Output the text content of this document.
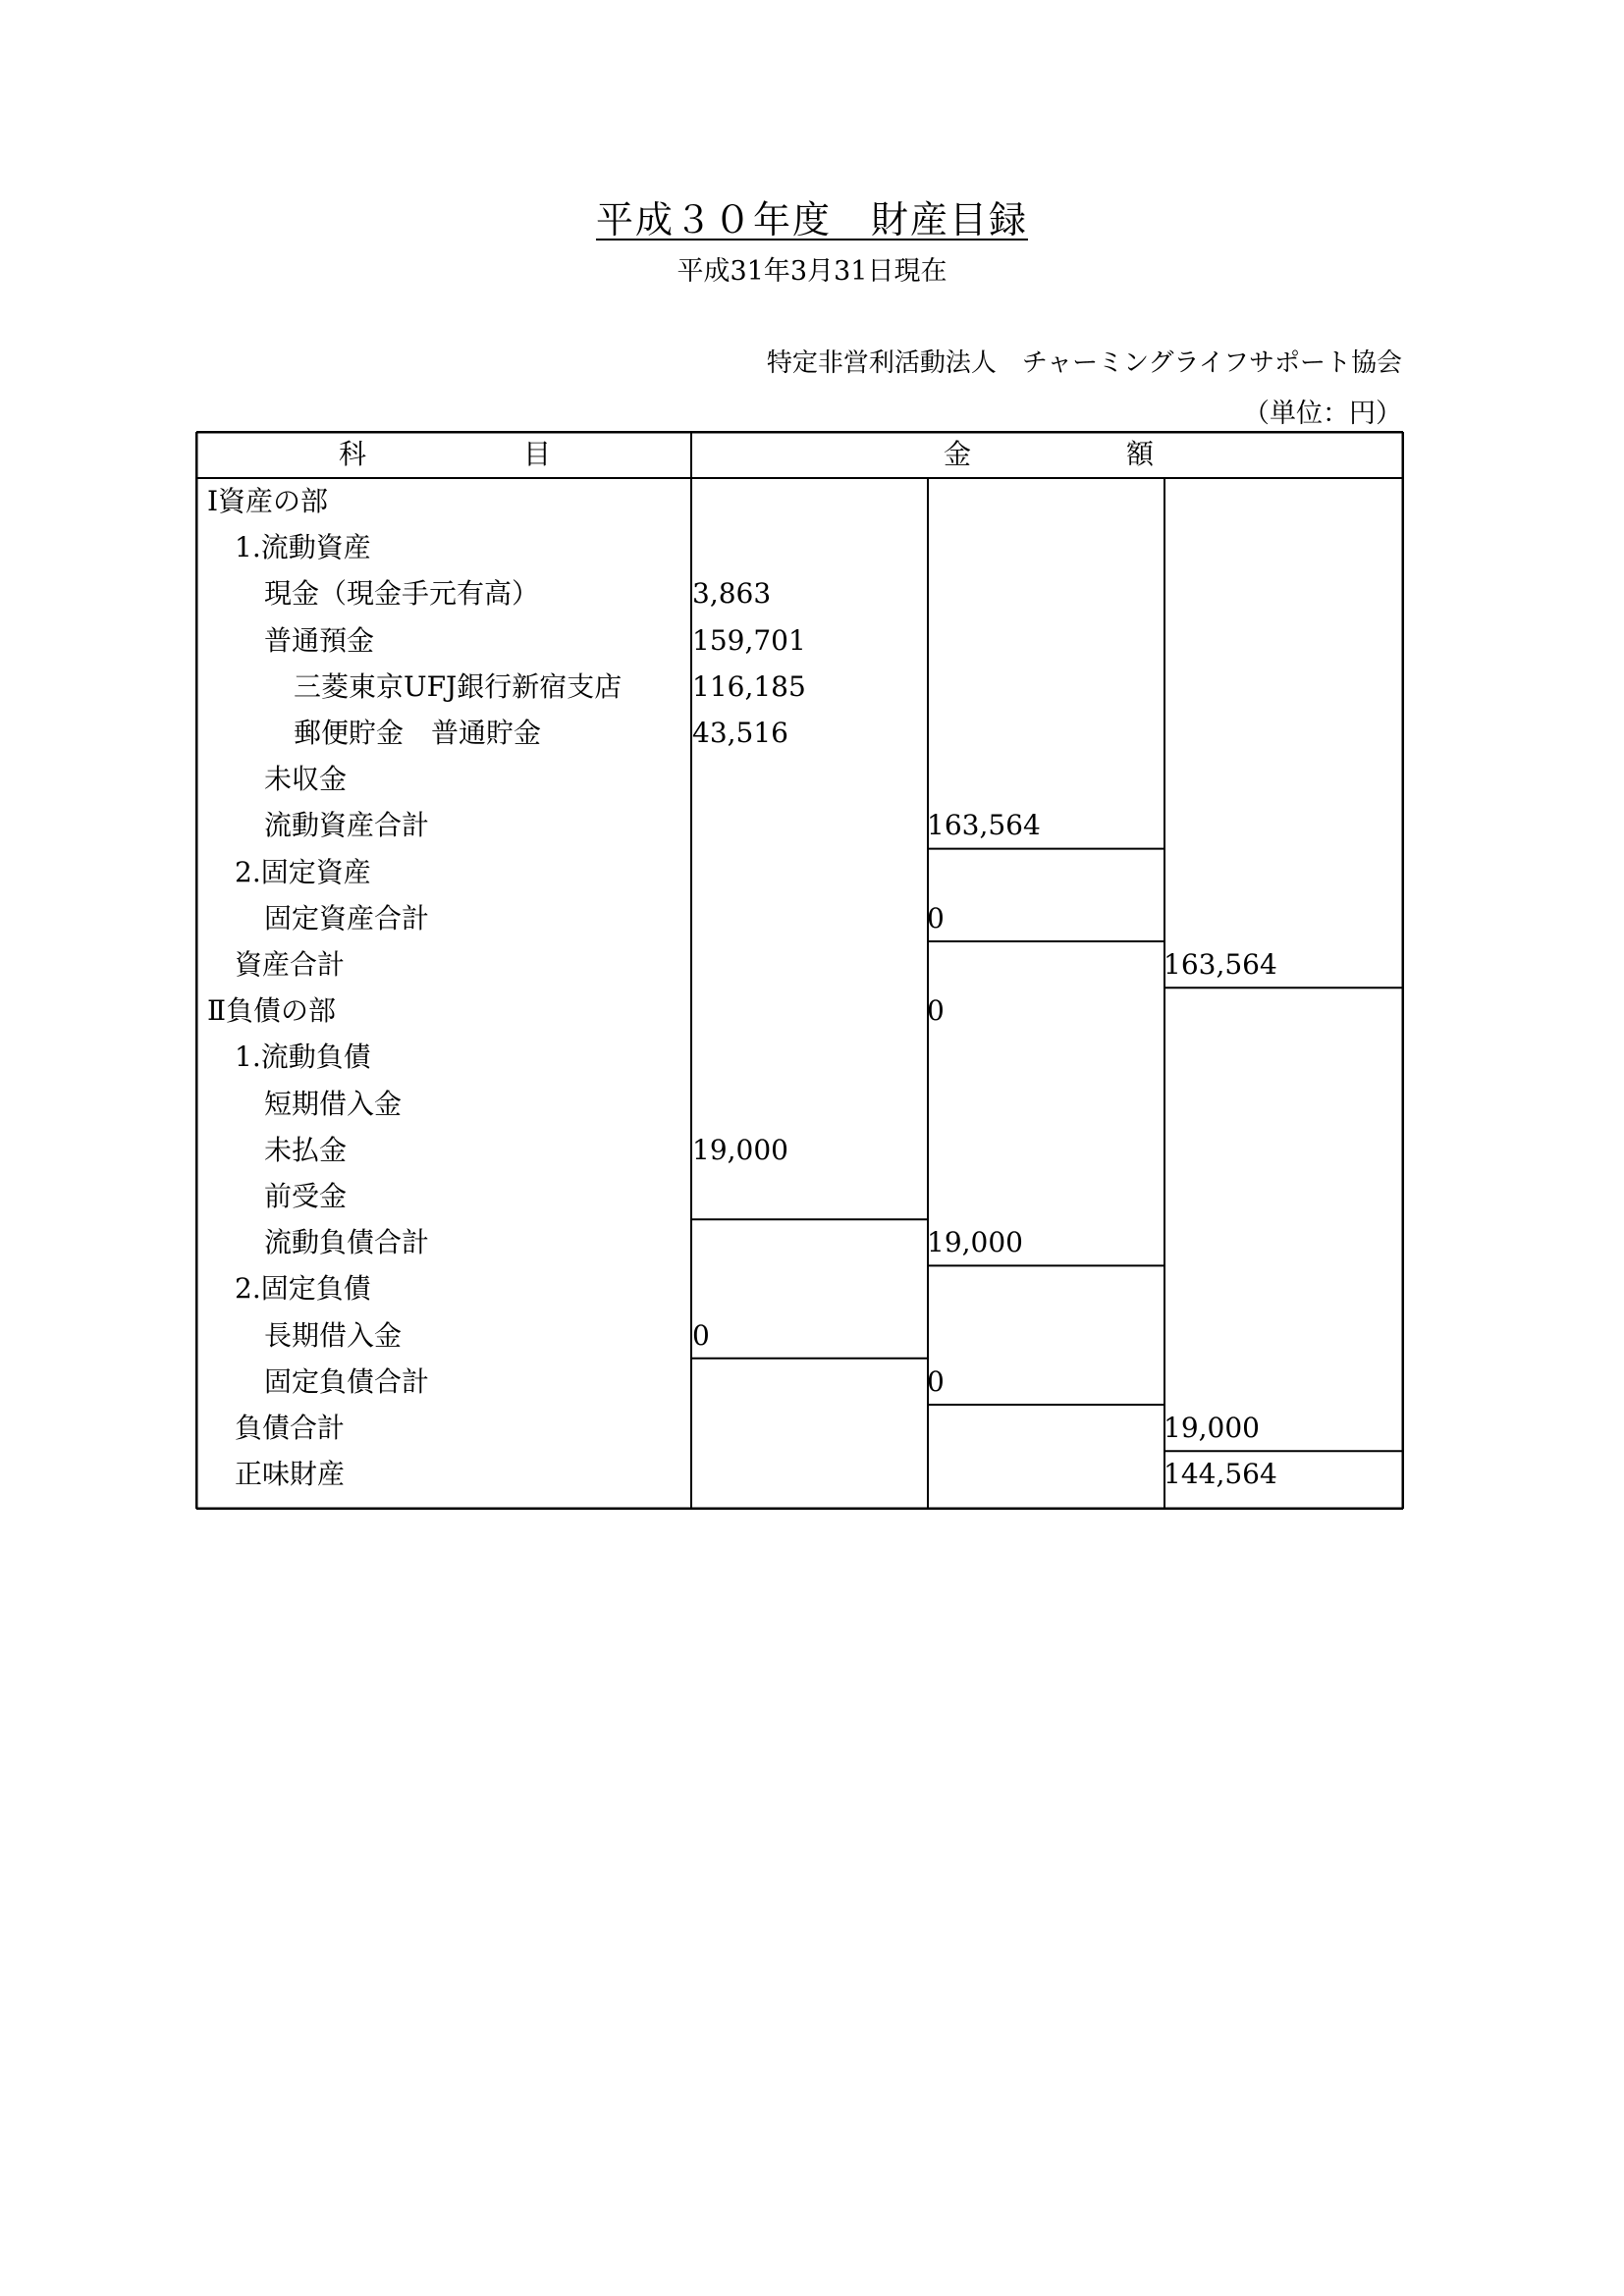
平成３０年度　財産目録
平成31年3月31日現在
特定非営利活動法人　チャーミングライフサポート協会
（単位：円）
科	目	金	額
Ⅰ資産の部
1.流動資産
現金（現金手元有高）	3,863
普通預金	159,701
三菱東京UFJ銀行新宿支店	116,185
郵便貯金　普通貯金	43,516
未収金
流動資産合計	163,564
2.固定資産
固定資産合計	0
資産合計	163,564
Ⅱ負債の部	0
1.流動負債
短期借入金
未払金	19,000
前受金
流動負債合計	19,000
2.固定負債
長期借入金	0
固定負債合計	0
負債合計	19,000
正味財産	144,564
